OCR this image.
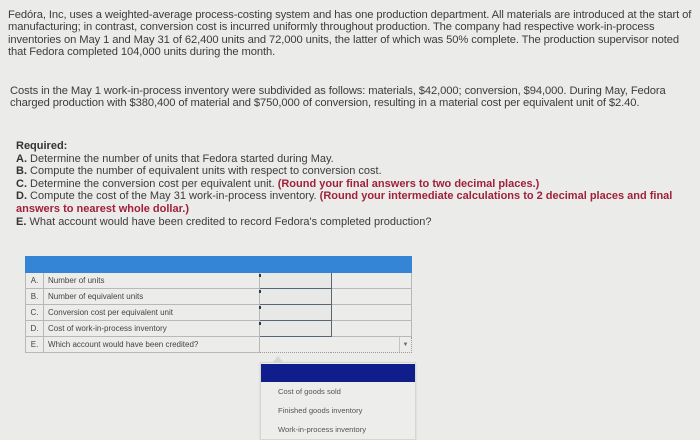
Fedóra, Inc, uses a weighted-average process-costing system and has one production department. All materials are introduced at the start of manufacturing; in contrast, conversion cost is incurred uniformly throughout production. The company had respective work-in-process inventories on May 1 and May 31 of 62,400 units and 72,000 units, the latter of which was 50% complete. The production supervisor noted that Fedora completed 104,000 units during the month.
Costs in the May 1 work-in-process inventory were subdivided as follows: materials, $42,000; conversion, $94,000. During May, Fedora charged production with $380,400 of material and $750,000 of conversion, resulting in a material cost per equivalent unit of $2.40.
Required:
A. Determine the number of units that Fedora started during May.
B. Compute the number of equivalent units with respect to conversion cost.
C. Determine the conversion cost per equivalent unit. (Round your final answers to two decimal places.)
D. Compute the cost of the May 31 work-in-process inventory. (Round your intermediate calculations to 2 decimal places and final answers to nearest whole dollar.)
E. What account would have been credited to record Fedora's completed production?

A.	Number of units		
B.	Number of equivalent units		
C.	Conversion cost per equivalent unit		
D.	Cost of work-in-process inventory		
E.	Which account would have been credited?	▼	
Cost of goods sold
Finished goods inventory
Work-in-process inventory
